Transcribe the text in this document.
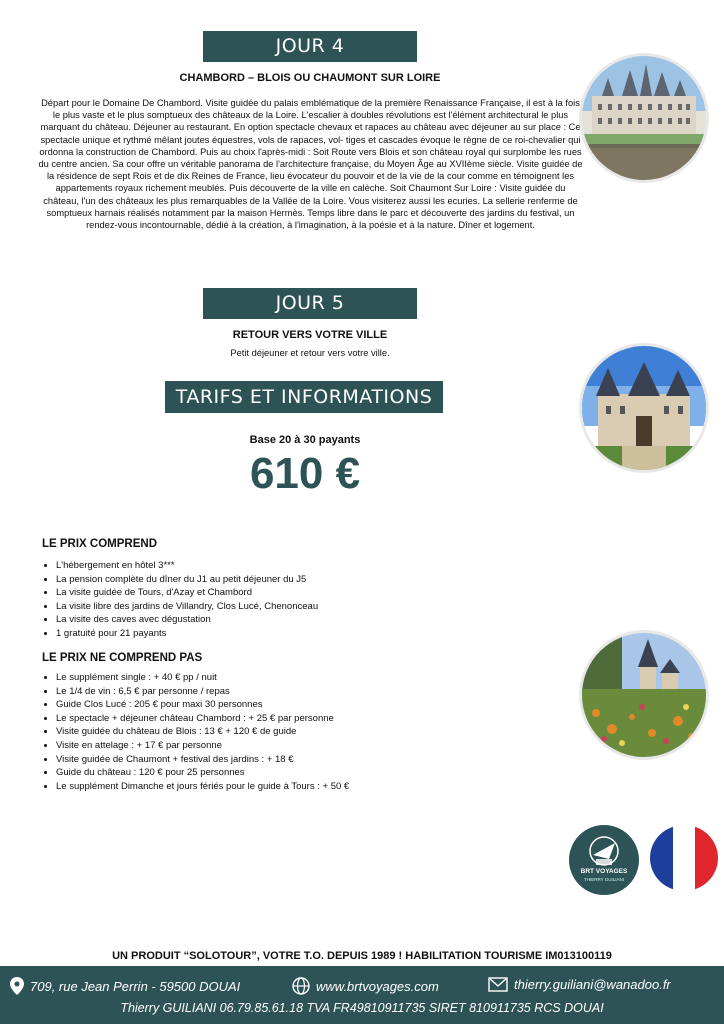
JOUR 4
CHAMBORD – BLOIS OU CHAUMONT SUR LOIRE
Départ pour le Domaine De Chambord. Visite guidée du palais emblématique de la première Renaissance Française, il est à la fois le plus vaste et le plus somptueux des châteaux de la Loire. L'escalier à doubles révolutions est l'élément architectural le plus marquant du château. Déjeuner au restaurant. En option spectacle chevaux et rapaces au château avec déjeuner au sur place : Ce spectacle unique et rythmé mêlant joutes équestres, vols de rapaces, vol- tiges et cascades évoque le règne de ce roi-chevalier qui ordonna la construction de Chambord. Puis au choix l'après-midi : Soit Route vers Blois et son château royal qui surplombe les rues du centre ancien. Sa cour offre un véritable panorama de l'architecture française, du Moyen Âge au XVIIème siècle. Visite guidée de la résidence de sept Rois et de dix Reines de France, lieu évocateur du pouvoir et de la vie de la cour comme en témoignent les appartements royaux richement meublés. Puis découverte de la ville en calèche. Soit Chaumont Sur Loire : Visite guidée du château, l'un des châteaux les plus remarquables de la Vallée de la Loire. Vous visiterez aussi les ecuries. La sellerie renferme de somptueux harnais réalisés notamment par la maison Hermès. Temps libre dans le parc et découverte des jardins du festival, un rendez-vous incontournable, dédié à la création, à l'imagination, à la poésie et à la nature. Dîner et logement.
JOUR 5
RETOUR VERS VOTRE VILLE
Petit déjeuner et retour vers votre ville.
TARIFS ET INFORMATIONS
Base 20 à 30 payants
610 €
LE PRIX COMPREND
• L'hébergement en hôtel 3***
• La pension complète du dîner du J1 au petit déjeuner du J5
• La visite guidée de Tours, d'Azay et Chambord
• La visite libre des jardins de Villandry, Clos Lucé, Chenonceau
• La visite des caves avec dégustation
• 1 gratuité pour 21 payants
LE PRIX NE COMPREND PAS
• Le supplément single : + 40 € pp / nuit
• Le 1/4 de vin : 6,5 € par personne / repas
• Guide Clos Lucé : 205 € pour maxi 30 personnes
• Le spectacle + déjeuner château Chambord : + 25 € par personne
• Visite guidée du château de Blois : 13 € + 120 € de guide
• Visite en attelage : + 17 € par personne
• Visite guidée de Chaumont + festival des jardins : + 18 €
• Guide du château : 120 € pour 25 personnes
• Le supplément Dimanche et jours fériés pour le guide à Tours : + 50 €
BRT VOYAGES
THIERRY GUILIANI
UN PRODUIT “SOLOTOUR”, VOTRE T.O. DEPUIS 1989 ! HABILITATION TOURISME IM013100119
709, rue Jean Perrin - 59500 DOUAI	www.brtvoyages.com	thierry.guiliani@wanadoo.fr
Thierry GUILIANI 06.79.85.61.18 TVA FR49810911735 SIRET 810911735 RCS DOUAI
